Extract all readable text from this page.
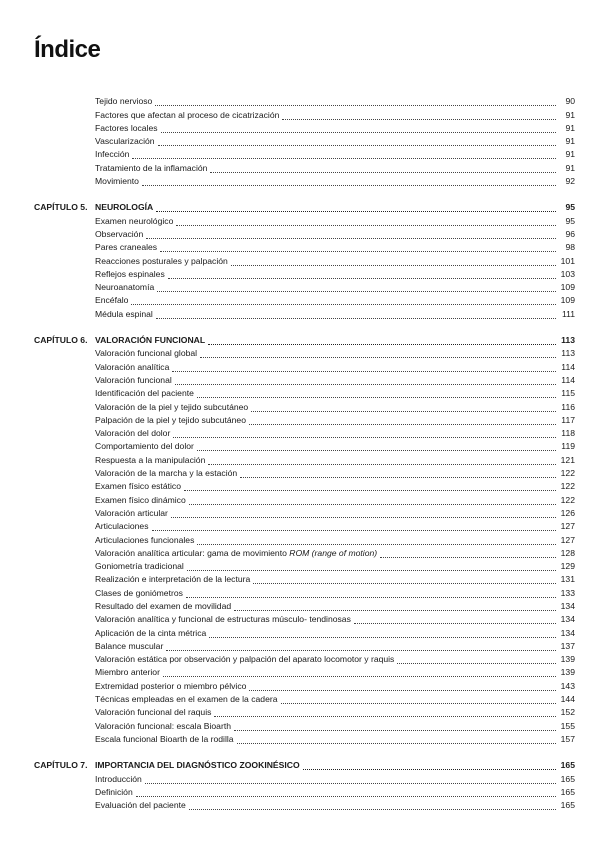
Índice
Tejido nervioso	90
Factores que afectan al proceso de cicatrización	91
Factores locales	91
Vascularización	91
Infección	91
Tratamiento de la inflamación	91
Movimiento	92
CAPÍTULO 5. NEUROLOGÍA	95
Examen neurológico	95
Observación	96
Pares craneales	98
Reacciones posturales y palpación	101
Reflejos espinales	103
Neuroanatomía	109
Encéfalo	109
Médula espinal	111
CAPÍTULO 6. VALORACIÓN FUNCIONAL	113
Valoración funcional global	113
Valoración analítica	114
Valoración funcional	114
Identificación del paciente	115
Valoración de la piel y tejido subcutáneo	116
Palpación de la piel y tejido subcutáneo	117
Valoración del dolor	118
Comportamiento del dolor	119
Respuesta a la manipulación	121
Valoración de la marcha y la estación	122
Examen físico estático	122
Examen físico dinámico	122
Valoración articular	126
Articulaciones	127
Articulaciones funcionales	127
Valoración analítica articular: gama de movimiento ROM (range of motion)	128
Goniometría tradicional	129
Realización e interpretación de la lectura	131
Clases de goniómetros	133
Resultado del examen de movilidad	134
Valoración analítica y funcional de estructuras músculo- tendinosas	134
Aplicación de la cinta métrica	134
Balance muscular	137
Valoración estática por observación y palpación del aparato locomotor y raquis	139
Miembro anterior	139
Extremidad posterior o miembro pélvico	143
Técnicas empleadas en el examen de la cadera	144
Valoración funcional del raquis	152
Valoración funcional: escala Bioarth	155
Escala funcional Bioarth de la rodilla	157
CAPÍTULO 7. IMPORTANCIA DEL DIAGNÓSTICO ZOOKINÉSICO	165
Introducción	165
Definición	165
Evaluación del paciente	165
